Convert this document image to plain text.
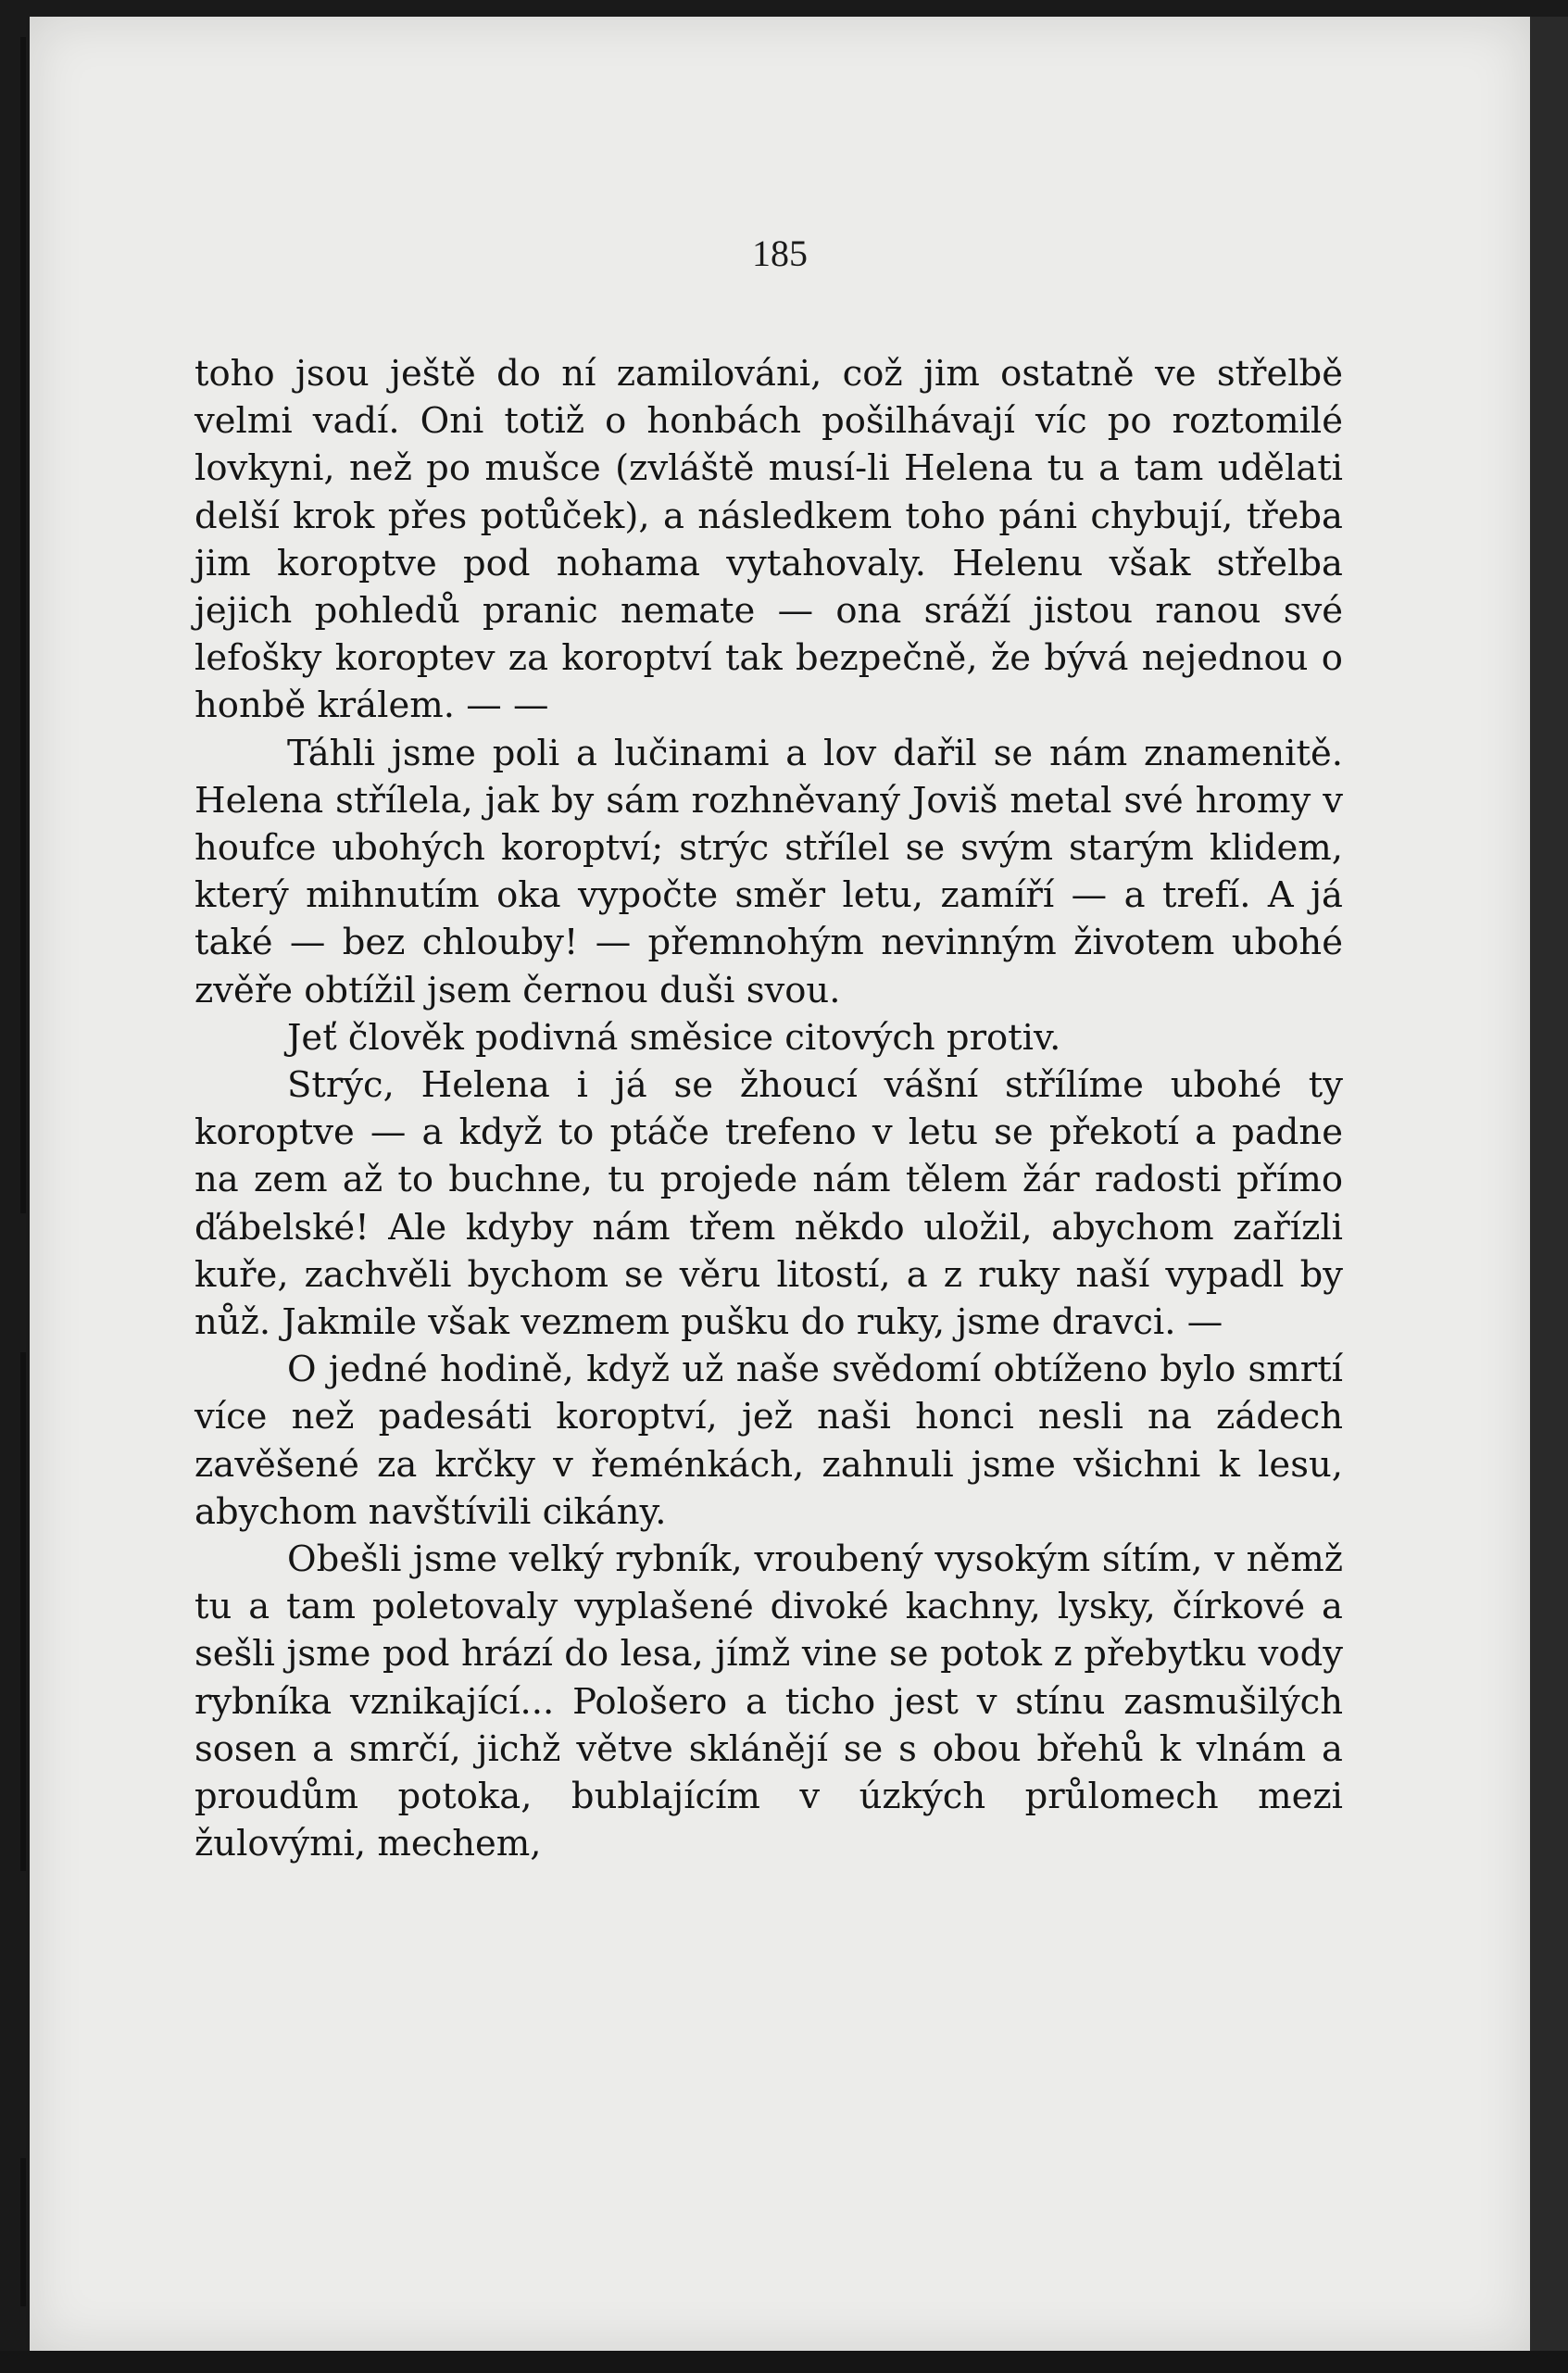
185

toho jsou ještě do ní zamilováni, což jim ostatně ve střelbě velmi vadí. Oni totiž o honbách pošilhávají víc po roztomilé lovkyni, než po mušce (zvláště musí-li Helena tu a tam udělati delší krok přes potůček), a následkem toho páni chybují, třeba jim koroptve pod nohama vytahovaly. Helenu však střelba jejich pohledů pranic nemate — ona sráží jistou ranou své lefošky koroptev za koroptví tak bezpečně, že bývá nejednou o honbě králem. — —

Táhli jsme poli a lučinami a lov dařil se nám znamenitě. Helena střílela, jak by sám rozhněvaný Joviš metal své hromy v houfce ubohých koroptví; strýc střílel se svým starým klidem, který mihnutím oka vypočte směr letu, zamíří — a trefí. A já také — bez chlouby! — přemnohým nevinným životem ubohé zvěře obtížil jsem černou duši svou.

Jeť člověk podivná směsice citových protiv.

Strýc, Helena i já se žhoucí vášní střílíme ubohé ty koroptve — a když to ptáče trefeno v letu se překotí a padne na zem až to buchne, tu projede nám tělem žár radosti přímo ďábelské! Ale kdyby nám třem někdo uložil, abychom zařízli kuře, zachvěli bychom se věru litostí, a z ruky naší vypadl by nůž. Jakmile však vezmem pušku do ruky, jsme dravci. —

O jedné hodině, když už naše svědomí obtíženo bylo smrtí více než padesáti koroptví, jež naši honci nesli na zádech zavěšené za krčky v řeménkách, zahnuli jsme všichni k lesu, abychom navštívili cikány.

Obešli jsme velký rybník, vroubený vysokým sítím, v němž tu a tam poletovaly vyplašené divoké kachny, lysky, čírkové a sešli jsme pod hrází do lesa, jímž vine se potok z přebytku vody rybníka vznikající... Pološero a ticho jest v stínu zasmušilých sosen a smrčí, jichž větve sklánějí se s obou břehů k vlnám a proudům potoka, bublajícím v úzkých průlomech mezi žulovými, mechem,
